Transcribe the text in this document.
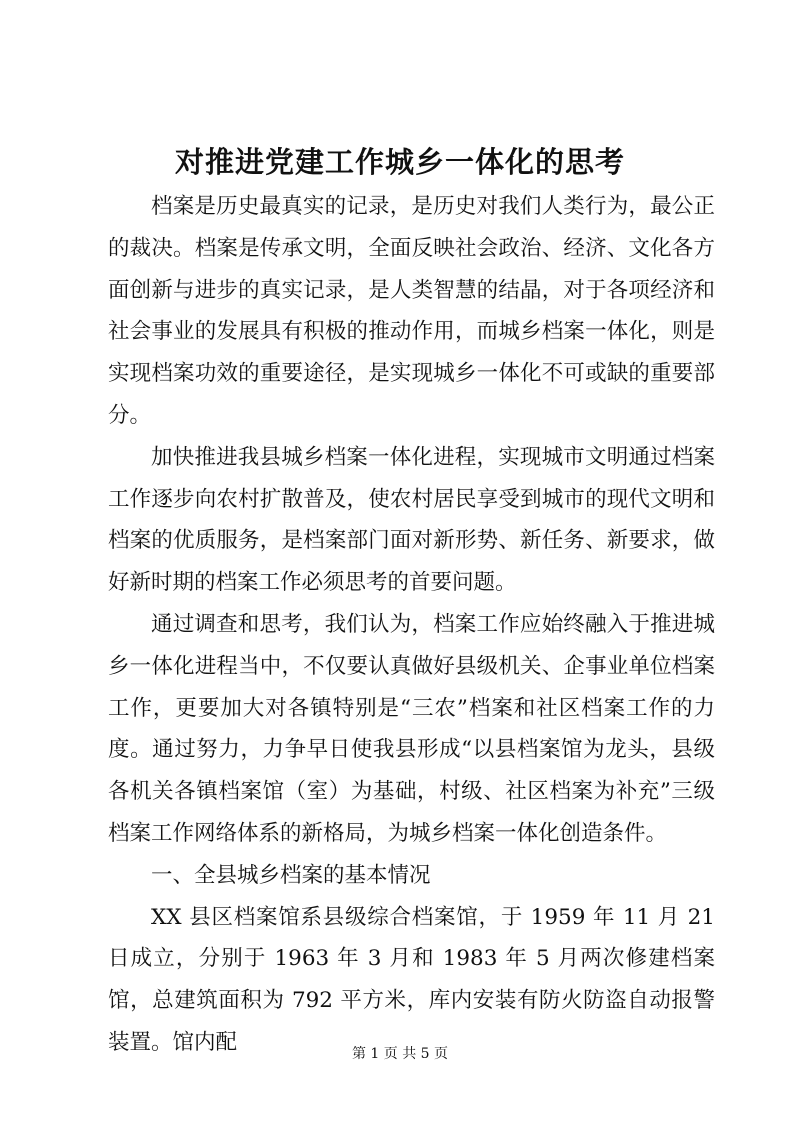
对推进党建工作城乡一体化的思考

档案是历史最真实的记录，是历史对我们人类行为，最公正的裁决。档案是传承文明，全面反映社会政治、经济、文化各方面创新与进步的真实记录，是人类智慧的结晶，对于各项经济和社会事业的发展具有积极的推动作用，而城乡档案一体化，则是实现档案功效的重要途径，是实现城乡一体化不可或缺的重要部分。

加快推进我县城乡档案一体化进程，实现城市文明通过档案工作逐步向农村扩散普及，使农村居民享受到城市的现代文明和档案的优质服务，是档案部门面对新形势、新任务、新要求，做好新时期的档案工作必须思考的首要问题。

通过调查和思考，我们认为，档案工作应始终融入于推进城乡一体化进程当中，不仅要认真做好县级机关、企事业单位档案工作，更要加大对各镇特别是“三农”档案和社区档案工作的力度。通过努力，力争早日使我县形成“以县档案馆为龙头，县级各机关各镇档案馆（室）为基础，村级、社区档案为补充”三级档案工作网络体系的新格局，为城乡档案一体化创造条件。

一、全县城乡档案的基本情况

XX 县区档案馆系县级综合档案馆，于 1959 年 11 月 21 日成立，分别于 1963 年 3 月和 1983 年 5 月两次修建档案馆，总建筑面积为 792 平方米，库内安装有防火防盗自动报警装置。馆内配	第 1 页 共 5 页
